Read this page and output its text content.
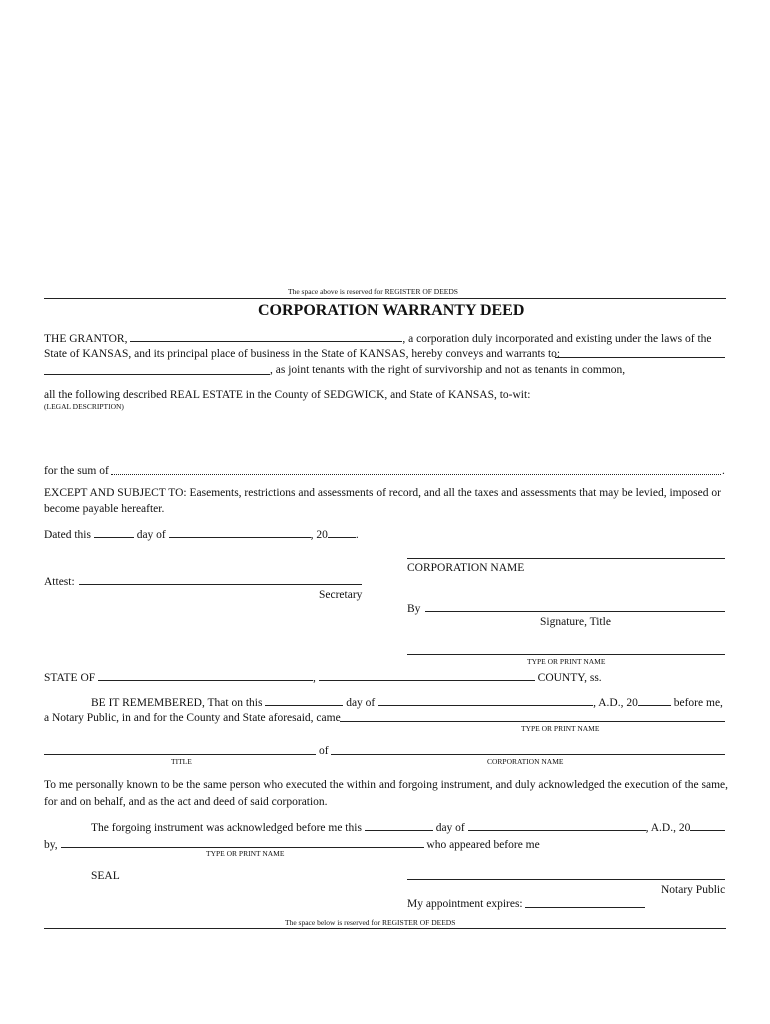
The space above is reserved for REGISTER OF DEEDS
CORPORATION WARRANTY DEED
THE GRANTOR,	, a corporation duly incorporated and existing under the laws of the
State of KANSAS, and its principal place of business in the State of KANSAS, hereby conveys and warrants to:
, as joint tenants with the right of survivorship and not as tenants in common,
all the following described REAL ESTATE in the County of SEDGWICK, and State of KANSAS, to-wit:
(LEGAL DESCRIPTION)
for the sum of	.
EXCEPT AND SUBJECT TO: Easements, restrictions and assessments of record, and all the taxes and assessments that may be levied, imposed or
become payable hereafter.
Dated this	day of	, 20 .
CORPORATION NAME
Attest:
Secretary
By
Signature, Title
TYPE OR PRINT NAME
STATE OF	,	COUNTY, ss.
BE IT REMEMBERED, That on this	day of	, A.D., 20	before me,
a Notary Public, in and for the County and State aforesaid, came
TYPE OR PRINT NAME
of
TITLE	CORPORATION NAME
To me personally known to be the same person who executed the within and forgoing instrument, and duly acknowledged the execution of the same,
for and on behalf, and as the act and deed of said corporation.
The forgoing instrument was acknowledged before me this	day of	, A.D., 20
by,	who appeared before me
TYPE OR PRINT NAME
SEAL
Notary Public
My appointment expires:
The space below is reserved for REGISTER OF DEEDS
